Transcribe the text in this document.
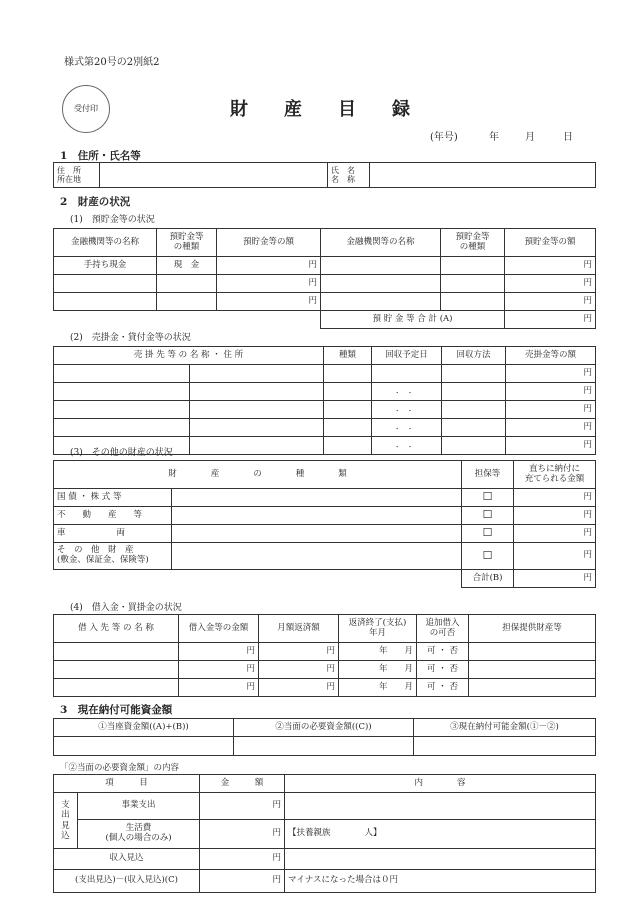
様式第20号の2別紙2
受付印	財　　産　　目　　録
(年号)	年	月	日
1　住所・氏名等
住　所
所在地		氏　名
名　称	
2　財産の状況
(1)　預貯金等の状況
金融機関等の名称	預貯金等
の種類	預貯金等の額	金融機関等の名称	預貯金等
の種類	預貯金等の額
手持ち現金	現　金	円			円
		円			円
		円			円
			預 貯 金 等 合 計 (A)		円
(2)　売掛金・貸付金等の状況
売 掛 先 等 の 名 称 ・ 住 所		種類	回収予定日	回収方法	売掛金等の額
					円
			．　．		円
			．　．		円
			．　．		円
			．　．		円
(3)　その他の財産の状況
財　　　　産　　　　の　　　　種　　　　類		担保等	直ちに納付に
充てられる金額
国 債 ・ 株 式 等		☐	円
不　　動　　産　　等		☐	円
車　　　　　　両		☐	円
そ　の　他　財　産
(敷金、保証金、保険等)		☐	円
		合計(B)	円
(4)　借入金・買掛金の状況
借 入 先 等 の 名 称	借入金等の金額	月額返済額	返済終了(支払)
年月	追加借入
の可否	担保提供財産等
	円	円	年　　月	可 ・ 否	
	円	円	年　　月	可 ・ 否	
	円	円	年　　月	可 ・ 否	
3　現在納付可能資金額
①当座資金額((A)+(B))	②当面の必要資金額((C))	③現在納付可能金額(①－②)

「②当面の必要資金額」の内容
項　　　目		金　　　額	内　　　　容
支
出
見
込	事業支出	円	
	生活費
(個人の場合のみ)	円	【扶養親族　　　　人】
収入見込		円	
(支出見込)－(収入見込)(C)		円	マイナスになった場合は０円
